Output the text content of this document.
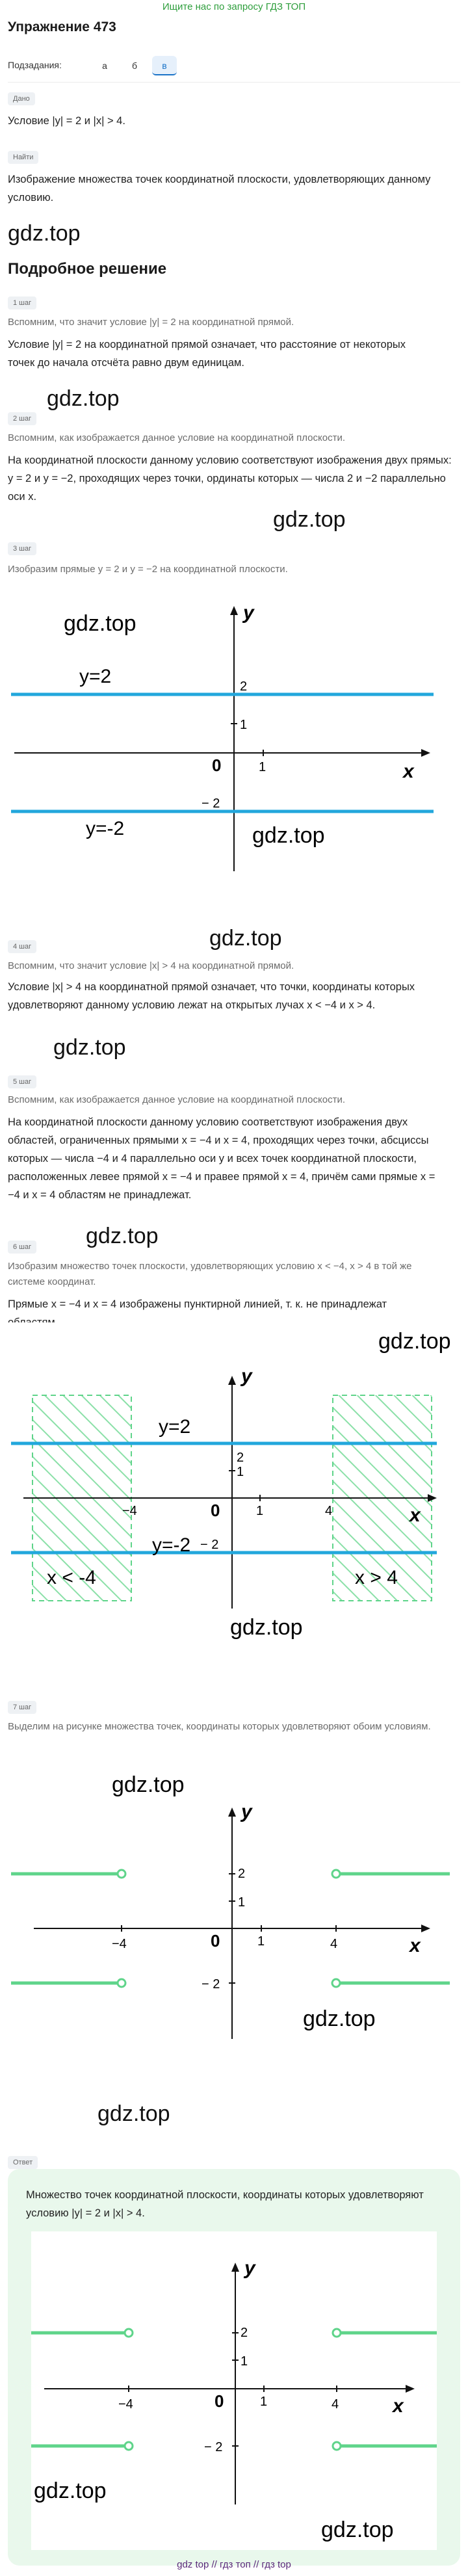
Ищите нас по запросу ГДЗ ТОП
Упражнение 473
Подзадания:	а	б	в
Дано
Условие |y| = 2 и |x| > 4.
Найти
Изображение множества точек координатной плоскости, удовлетворяющих данному условию.
gdz.top
Подробное решение
1 шаг
Вспомним, что значит условие |y| = 2 на координатной прямой.
Условие |y| = 2 на координатной прямой означает, что расстояние от некоторых точек до начала отсчёта равно двум единицам.
gdz.top
2 шаг
Вспомним, как изображается данное условие на координатной плоскости.
На координатной плоскости данному условию соответствуют изображения двух прямых: y = 2 и y = −2, проходящих через точки, ординаты которых — числа 2 и −2 параллельно оси x.
gdz.top
3 шаг
Изобразим прямые y = 2 и y = −2 на координатной плоскости.
y
x
0
2
1
1
− 2
y=2
y=-2
gdz.top
gdz.top
gdz.top
4 шаг
Вспомним, что значит условие |x| > 4 на координатной прямой.
Условие |x| > 4 на координатной прямой означает, что точки, координаты которых удовлетворяют данному условию лежат на открытых лучах x < −4 и x > 4.
gdz.top
5 шаг
Вспомним, как изображается данное условие на координатной плоскости.
На координатной плоскости данному условию соответствуют изображения двух областей, ограниченных прямыми x = −4 и x = 4, проходящих через точки, абсциссы которых — числа −4 и 4 параллельно оси y и всех точек координатной плоскости, расположенных левее прямой x = −4 и правее прямой x = 4, причём сами прямые x = −4 и x = 4 областям не принадлежат.
gdz.top
6 шаг
Изобразим множество точек плоскости, удовлетворяющих условию x < −4, x > 4 в той же системе координат.
Прямые x = −4 и x = 4 изображены пунктирной линией, т. к. не принадлежат
gdz.top
y
x
0
2
1
1
− 2
−4	4
y=2
y=-2
x < -4	x > 4
gdz.top
7 шаг
Выделим на рисунке множества точек, координаты которых удовлетворяют обоим условиям.
gdz.top
y
x
0
2
1
1
− 2
−4	4
gdz.top
gdz.top
Ответ
Множество точек координатной плоскости, координаты которых удовлетворяют условию |y| = 2 и |x| > 4.
y
x
0
2
1
1
− 2
−4	4
gdz.top
gdz.top
gdz top // гдз топ // гдз top
